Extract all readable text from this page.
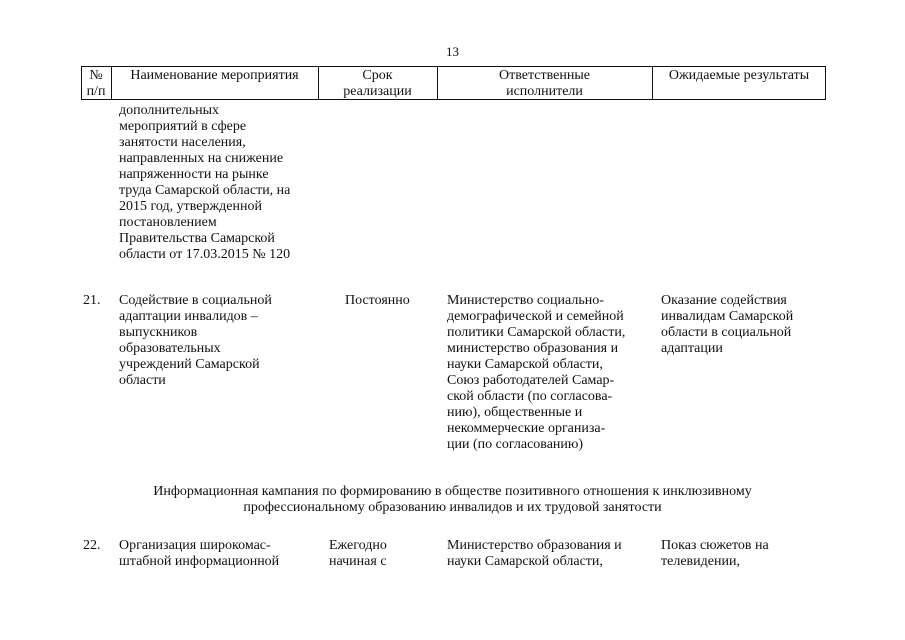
13
№
п/п
Наименование мероприятия	Срок
реализации
Ответственные
исполнители
Ожидаемые результаты
дополнительных
мероприятий в сфере
занятости населения,
направленных на снижение
напряженности на рынке
труда Самарской области, на
2015 год, утвержденной
постановлением
Правительства Самарской
области от 17.03.2015 № 120
21. Содействие в социальной
адаптации инвалидов –
выпускников
образовательных
учреждений Самарской
области
Постоянно	Министерство социально-
демографической и семейной
политики Самарской области,
министерство образования и
науки Самарской области,
Союз работодателей Самар-
ской области (по согласова-
нию), общественные и
некоммерческие организа-
ции (по согласованию)
Оказание содействия
инвалидам Самарской
области в социальной
адаптации
Информационная кампания по формированию в обществе позитивного отношения к инклюзивному
профессиональному образованию инвалидов и их трудовой занятости
22. Организация широкомас-
штабной информационной
Ежегодно
начиная с
Министерство образования и
науки Самарской области,
Показ сюжетов на
телевидении,
